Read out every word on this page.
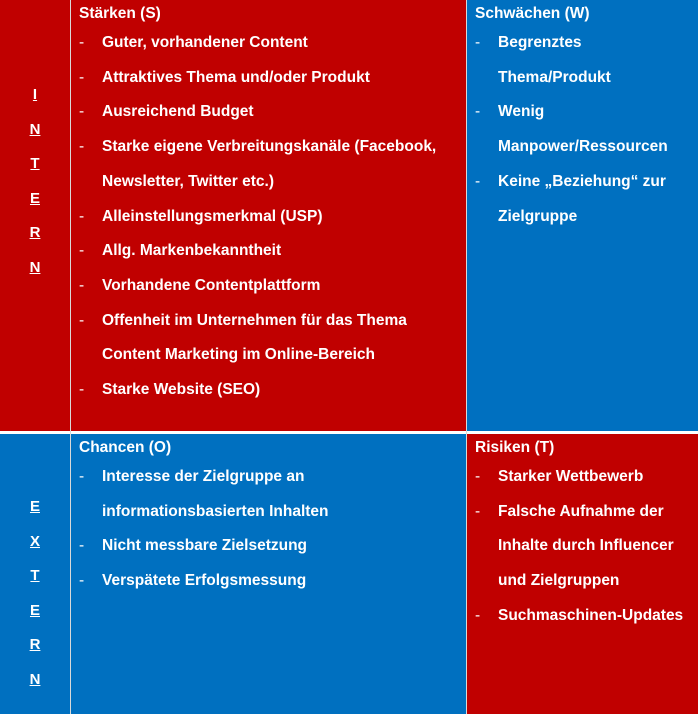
I
N
T
E
R
N
E
X
T
E
R
N
Stärken (S)
- Guter, vorhandener Content
- Attraktives Thema und/oder Produkt
- Ausreichend Budget
- Starke eigene Verbreitungskanäle (Facebook, Newsletter, Twitter etc.)
- Alleinstellungsmerkmal (USP)
- Allg. Markenbekanntheit
- Vorhandene Contentplattform
- Offenheit im Unternehmen für das Thema Content Marketing im Online-Bereich
- Starke Website (SEO)
Schwächen (W)
- Begrenztes Thema/Produkt
- Wenig Manpower/Ressourcen
- Keine „Beziehung“ zur Zielgruppe
Chancen (O)
- Interesse der Zielgruppe an informationsbasierten Inhalten
- Nicht messbare Zielsetzung
- Verspätete Erfolgsmessung
Risiken (T)
- Starker Wettbewerb
- Falsche Aufnahme der Inhalte durch Influencer und Zielgruppen
- Suchmaschinen-Updates
